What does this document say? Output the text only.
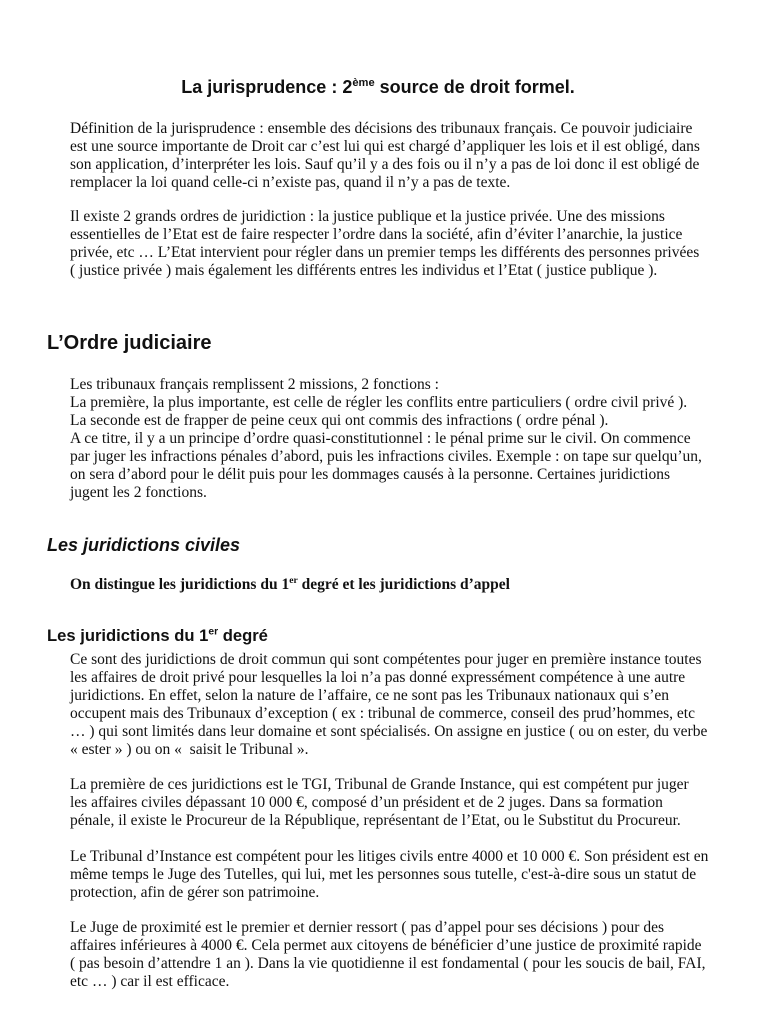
La jurisprudence : 2ème source de droit formel.
Définition de la jurisprudence : ensemble des décisions des tribunaux français. Ce pouvoir judiciaire
est une source importante de Droit car c’est lui qui est chargé d’appliquer les lois et il est obligé, dans
son application, d’interpréter les lois. Sauf qu’il y a des fois ou il n’y a pas de loi donc il est obligé de
remplacer la loi quand celle-ci n’existe pas, quand il n’y a pas de texte.
Il existe 2 grands ordres de juridiction : la justice publique et la justice privée. Une des missions
essentielles de l’Etat est de faire respecter l’ordre dans la société, afin d’éviter l’anarchie, la justice
privée, etc … L’Etat intervient pour régler dans un premier temps les différents des personnes privées
( justice privée ) mais également les différents entres les individus et l’Etat ( justice publique ).
L’Ordre judiciaire
Les tribunaux français remplissent 2 missions, 2 fonctions :
La première, la plus importante, est celle de régler les conflits entre particuliers ( ordre civil privé ).
La seconde est de frapper de peine ceux qui ont commis des infractions ( ordre pénal ).
A ce titre, il y a un principe d’ordre quasi-constitutionnel : le pénal prime sur le civil. On commence
par juger les infractions pénales d’abord, puis les infractions civiles. Exemple : on tape sur quelqu’un,
on sera d’abord pour le délit puis pour les dommages causés à la personne. Certaines juridictions
jugent les 2 fonctions.
Les juridictions civiles
On distingue les juridictions du 1er degré et les juridictions d’appel
Les juridictions du 1er degré
Ce sont des juridictions de droit commun qui sont compétentes pour juger en première instance toutes
les affaires de droit privé pour lesquelles la loi n’a pas donné expressément compétence à une autre
juridictions. En effet, selon la nature de l’affaire, ce ne sont pas les Tribunaux nationaux qui s’en
occupent mais des Tribunaux d’exception ( ex : tribunal de commerce, conseil des prud’hommes, etc
… ) qui sont limités dans leur domaine et sont spécialisés. On assigne en justice ( ou on ester, du verbe
« ester » ) ou on «  saisit le Tribunal ».
La première de ces juridictions est le TGI, Tribunal de Grande Instance, qui est compétent pur juger
les affaires civiles dépassant 10 000 €, composé d’un président et de 2 juges. Dans sa formation
pénale, il existe le Procureur de la République, représentant de l’Etat, ou le Substitut du Procureur.
Le Tribunal d’Instance est compétent pour les litiges civils entre 4000 et 10 000 €. Son président est en
même temps le Juge des Tutelles, qui lui, met les personnes sous tutelle, c'est-à-dire sous un statut de
protection, afin de gérer son patrimoine.
Le Juge de proximité est le premier et dernier ressort ( pas d’appel pour ses décisions ) pour des
affaires inférieures à 4000 €. Cela permet aux citoyens de bénéficier d’une justice de proximité rapide
( pas besoin d’attendre 1 an ). Dans la vie quotidienne il est fondamental ( pour les soucis de bail, FAI,
etc … ) car il est efficace.
